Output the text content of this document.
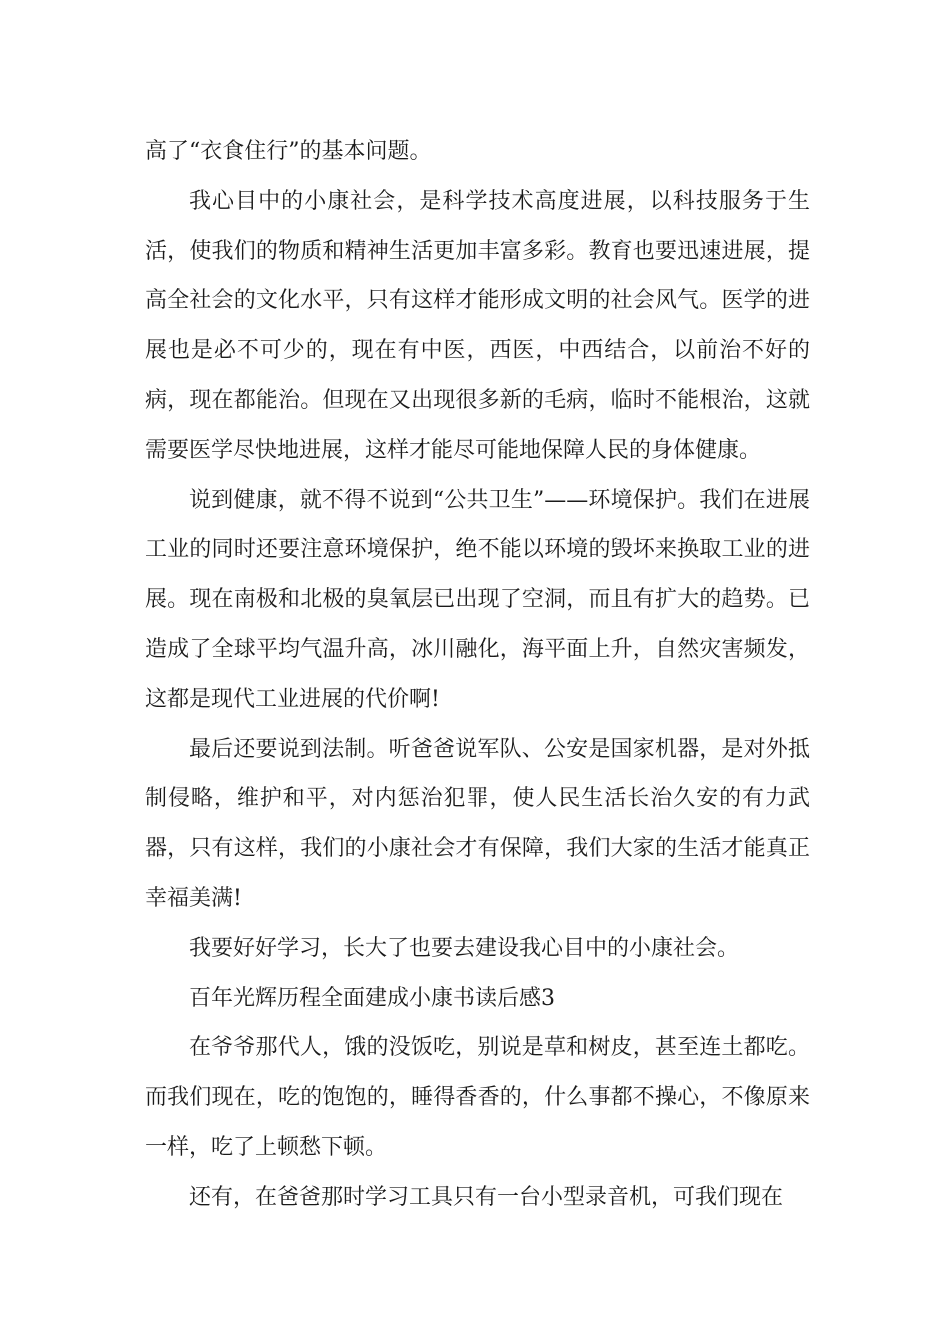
高了“衣食住行”的基本问题。

我心目中的小康社会，是科学技术高度进展，以科技服务于生活，使我们的物质和精神生活更加丰富多彩。教育也要迅速进展，提高全社会的文化水平，只有这样才能形成文明的社会风气。医学的进展也是必不可少的，现在有中医，西医，中西结合，以前治不好的病，现在都能治。但现在又出现很多新的毛病，临时不能根治，这就需要医学尽快地进展，这样才能尽可能地保障人民的身体健康。

说到健康，就不得不说到“公共卫生”——环境保护。我们在进展工业的同时还要注意环境保护，绝不能以环境的毁坏来换取工业的进展。现在南极和北极的臭氧层已出现了空洞，而且有扩大的趋势。已造成了全球平均气温升高，冰川融化，海平面上升，自然灾害频发，这都是现代工业进展的代价啊!

最后还要说到法制。听爸爸说军队、公安是国家机器，是对外抵制侵略，维护和平，对内惩治犯罪，使人民生活长治久安的有力武器，只有这样，我们的小康社会才有保障，我们大家的生活才能真正幸福美满!

我要好好学习，长大了也要去建设我心目中的小康社会。

百年光辉历程全面建成小康书读后感3

在爷爷那代人，饿的没饭吃，别说是草和树皮，甚至连土都吃。而我们现在，吃的饱饱的，睡得香香的，什么事都不操心，不像原来一样，吃了上顿愁下顿。

还有，在爸爸那时学习工具只有一台小型录音机，可我们现在
